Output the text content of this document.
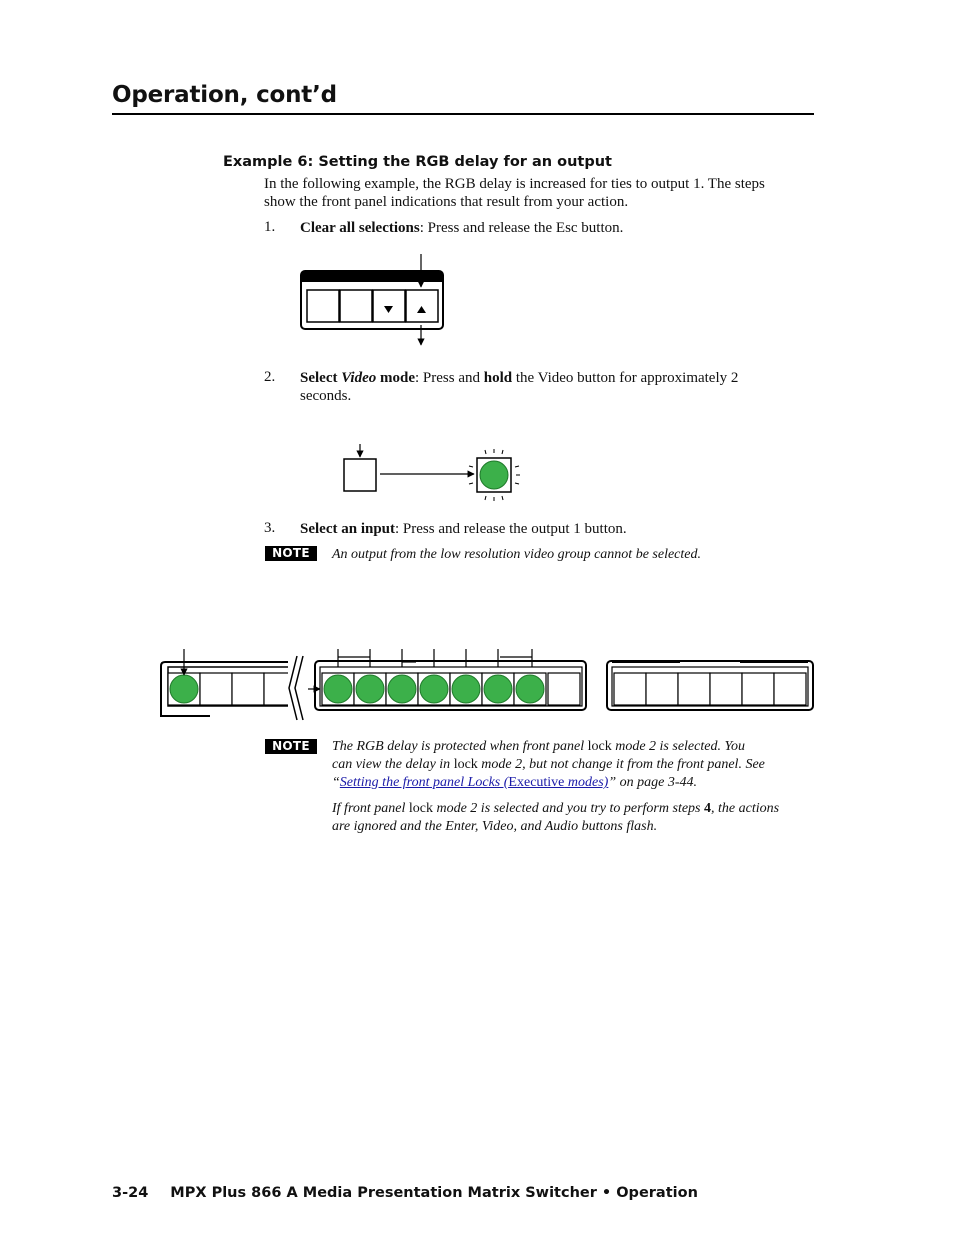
Operation, cont’d
Example 6: Setting the RGB delay for an output
In the following example, the RGB delay is increased for ties to output 1. The steps
show the front panel indications that result from your action.
1. Clear all selections: Press and release the Esc button.
2. Select Video mode: Press and hold the Video button for approximately 2
seconds.
3. Select an input: Press and release the output 1 button.
NOTE	An output from the low resolution video group cannot be selected.
NOTE	The RGB delay is protected when front panel lock mode 2 is selected. You
can view the delay in lock mode 2, but not change it from the front panel. See
“Setting the front panel Locks (Executive modes)” on page 3-44.
If front panel lock mode 2 is selected and you try to perform steps 4, the actions
are ignored and the Enter, Video, and Audio buttons flash.
3-24 MPX Plus 866 A Media Presentation Matrix Switcher • Operation
